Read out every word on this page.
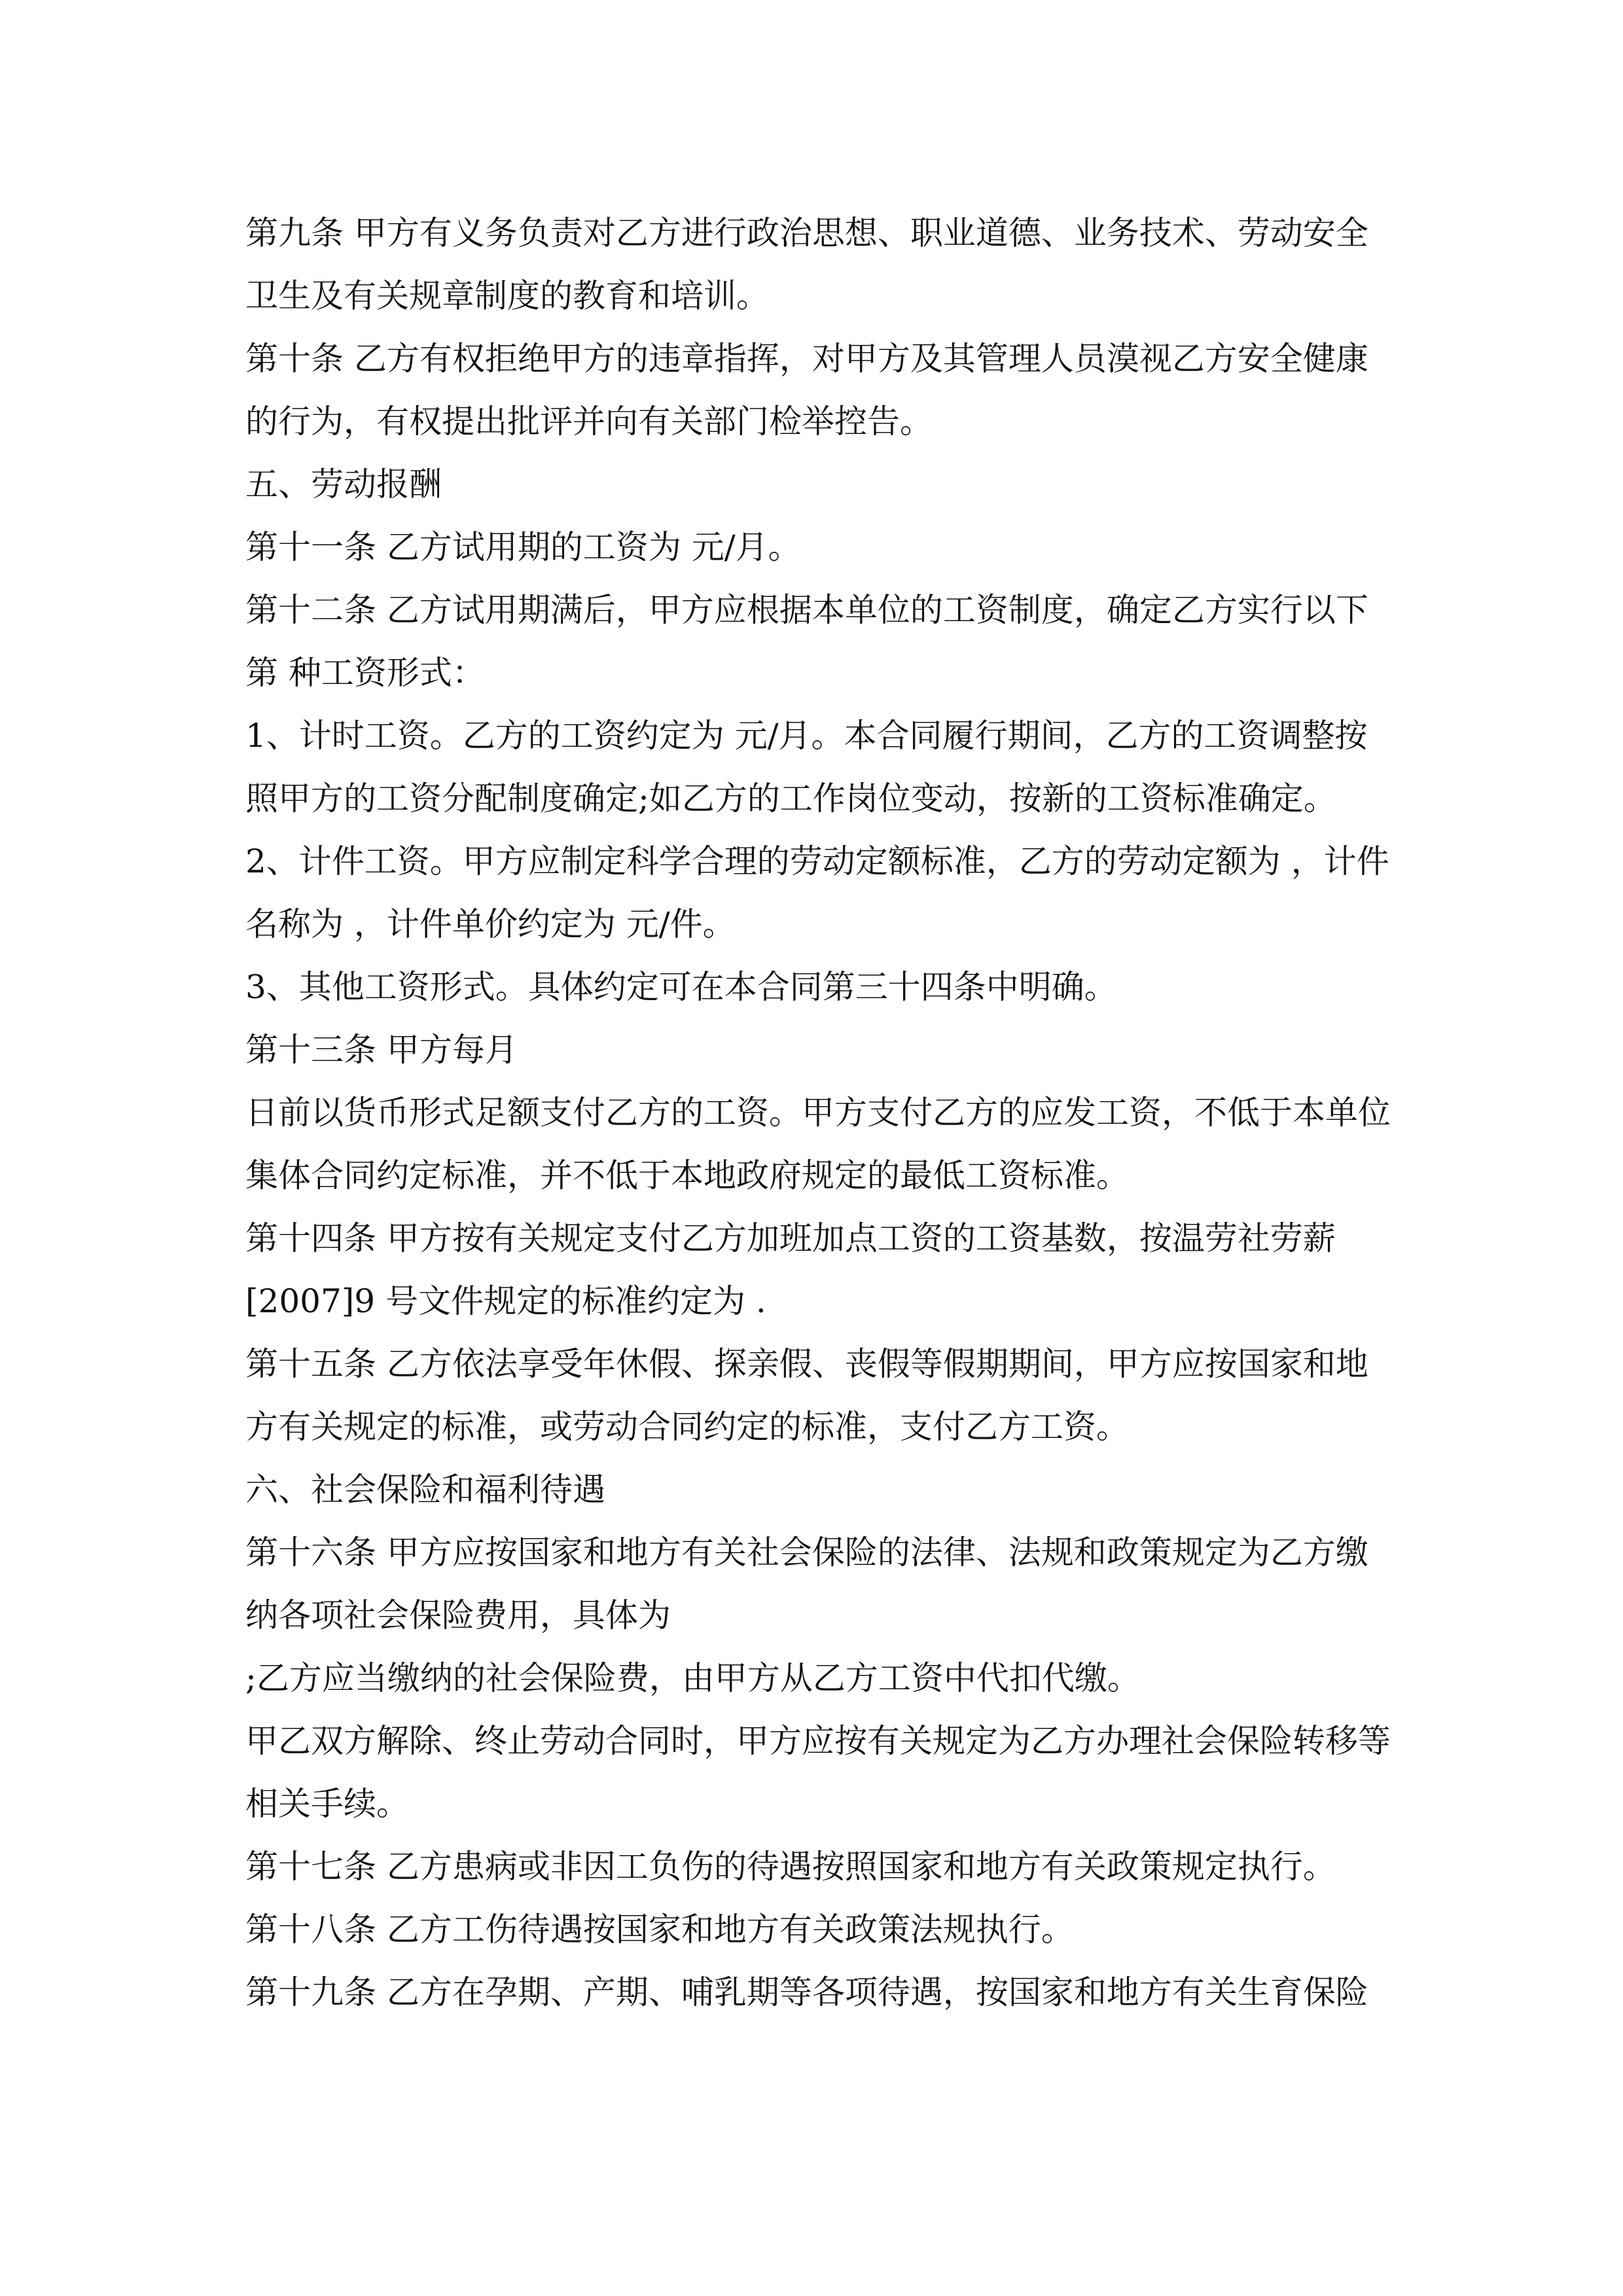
第九条 甲方有义务负责对乙方进行政治思想、职业道德、业务技术、劳动安全
卫生及有关规章制度的教育和培训。
第十条 乙方有权拒绝甲方的违章指挥，对甲方及其管理人员漠视乙方安全健康
的行为，有权提出批评并向有关部门检举控告。
五、劳动报酬
第十一条 乙方试用期的工资为 元/月。
第十二条 乙方试用期满后，甲方应根据本单位的工资制度，确定乙方实行以下
第 种工资形式：
1、计时工资。乙方的工资约定为 元/月。本合同履行期间，乙方的工资调整按
照甲方的工资分配制度确定;如乙方的工作岗位变动，按新的工资标准确定。
2、计件工资。甲方应制定科学合理的劳动定额标准，乙方的劳动定额为 ，计件
名称为 ，计件单价约定为 元/件。
3、其他工资形式。具体约定可在本合同第三十四条中明确。
第十三条 甲方每月
日前以货币形式足额支付乙方的工资。甲方支付乙方的应发工资，不低于本单位
集体合同约定标准，并不低于本地政府规定的最低工资标准。
第十四条 甲方按有关规定支付乙方加班加点工资的工资基数，按温劳社劳薪
[2007]9 号文件规定的标准约定为 .
第十五条 乙方依法享受年休假、探亲假、丧假等假期期间，甲方应按国家和地
方有关规定的标准，或劳动合同约定的标准，支付乙方工资。
六、社会保险和福利待遇
第十六条 甲方应按国家和地方有关社会保险的法律、法规和政策规定为乙方缴
纳各项社会保险费用，具体为
;乙方应当缴纳的社会保险费，由甲方从乙方工资中代扣代缴。
甲乙双方解除、终止劳动合同时，甲方应按有关规定为乙方办理社会保险转移等
相关手续。
第十七条 乙方患病或非因工负伤的待遇按照国家和地方有关政策规定执行。
第十八条 乙方工伤待遇按国家和地方有关政策法规执行。
第十九条 乙方在孕期、产期、哺乳期等各项待遇，按国家和地方有关生育保险
